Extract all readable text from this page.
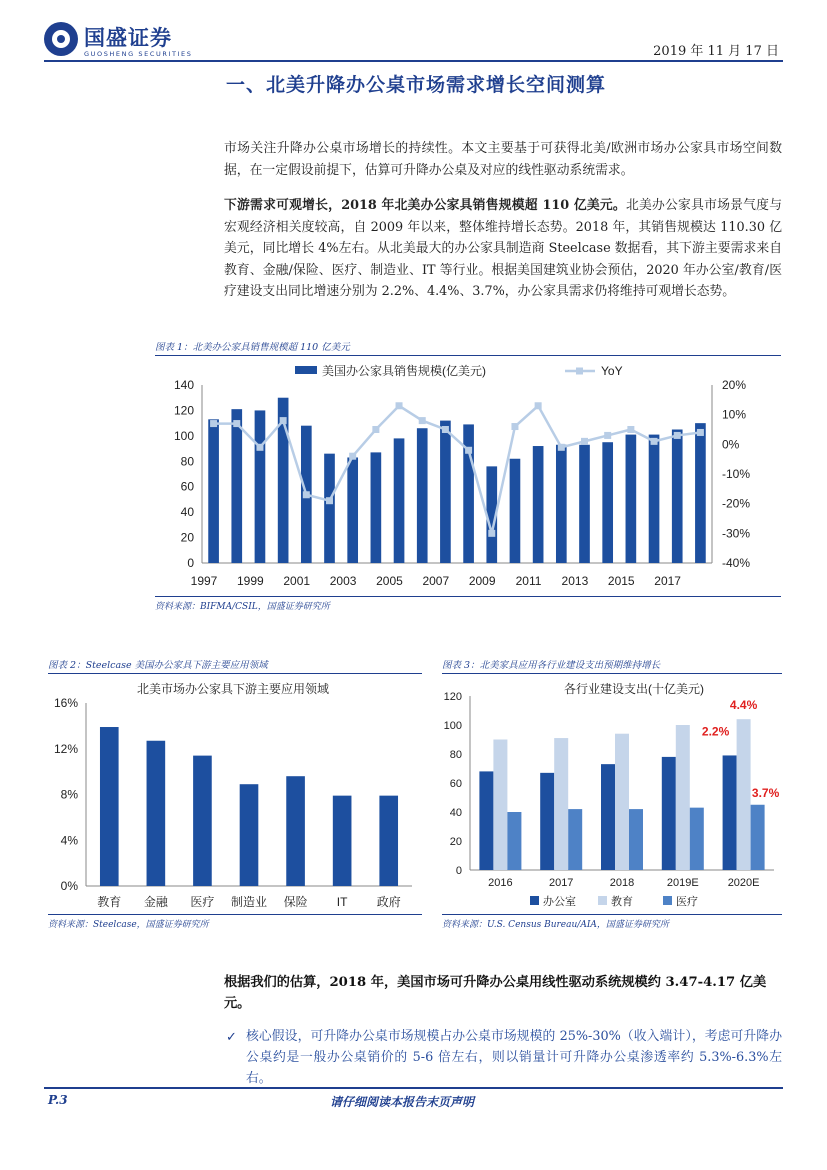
国盛证券
GUOSHENG SECURITIES	2019 年 11 月 17 日
一、北美升降办公桌市场需求增长空间测算
市场关注升降办公桌市场增长的持续性。本文主要基于可获得北美/欧洲市场办公家具市场空间数据，在一定假设前提下，估算可升降办公桌及对应的线性驱动系统需求。
下游需求可观增长，2018 年北美办公家具销售规模超 110 亿美元。北美办公家具市场景气度与宏观经济相关度较高，自 2009 年以来，整体维持增长态势。2018 年，其销售规模达 110.30 亿美元，同比增长 4%左右。从北美最大的办公家具制造商 Steelcase 数据看，其下游主要需求来自教育、金融/保险、医疗、制造业、IT 等行业。根据美国建筑业协会预估，2020 年办公室/教育/医疗建设支出同比增速分别为 2.2%、4.4%、3.7%，办公家具需求仍将维持可观增长态势。
图表 1：北美办公家具销售规模超 110 亿美元
0
20
40
60
80
100
120
140
-40%
-30%
-20%
-10%
0%
10%
20%
1997 1999 2001 2003 2005 2007 2009 2011 2013 2015 2017
美国办公家具销售规模(亿美元)	YoY
资料来源：BIFMA/CSIL，国盛证券研究所
图表 2：Steelcase 美国办公家具下游主要应用领域
北美市场办公家具下游主要应用领域
0%
4%
8%
12%
16%
教育 金融 医疗 制造业 保险 IT 政府
资料来源：Steelcase，国盛证券研究所
图表 3：北美家具应用各行业建设支出预期维持增长
各行业建设支出(十亿美元)
0
20
40
60
80
100
120
2016	2017	2018	2019E	2020E
2.2%
4.4%
3.7%
办公室	教育	医疗
资料来源：U.S. Census Bureau/AIA，国盛证券研究所
根据我们的估算，2018 年，美国市场可升降办公桌用线性驱动系统规模约 3.47-4.17 亿美元。
✓ 核心假设，可升降办公桌市场规模占办公桌市场规模的 25%-30%（收入端计），考虑可升降办公桌约是一般办公桌销价的 5-6 倍左右，则以销量计可升降办公桌渗透率约 5.3%-6.3%左右。
P.3	请仔细阅读本报告末页声明
